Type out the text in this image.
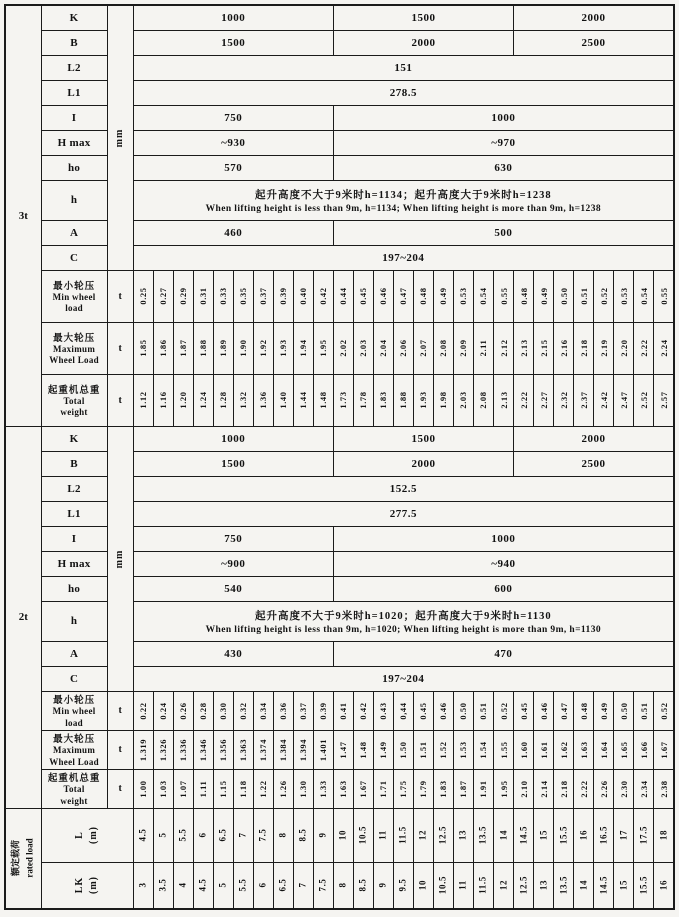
3t	K	mm	1000										1500									2000							
	B		1500										2000									2500							
	L2		151																										
	L1		278.5																										
	I		750										1000																
	H max		~930										~970																
	ho		570										630																
	h		起升高度不大于9米时h=1134；起升高度大于9米时h=1238
When lifting height is less than 9m, h=1134; When lifting height is more than 9m, h=1238																										

	A		460										500																
	C		197~204																										

	最小轮压
Min wheel
load	t	0.25	0.27	0.29	0.31	0.33	0.35	0.37	0.39	0.40	0.42	0.44	0.45	0.46	0.47	0.48	0.49	0.53	0.54	0.55	0.48	0.49	0.50	0.51	0.52	0.53	0.54	0.55

	最大轮压
Maximum
Wheel Load	t	1.85	1.86	1.87	1.88	1.89	1.90	1.92	1.93	1.94	1.95	2.02	2.03	2.04	2.06	2.07	2.08	2.09	2.11	2.12	2.13	2.15	2.16	2.18	2.19	2.20	2.22	2.24

	起重机总重
Total
weight	t	1.12	1.16	1.20	1.24	1.28	1.32	1.36	1.40	1.44	1.48	1.73	1.78	1.83	1.88	1.93	1.98	2.03	2.08	2.13	2.22	2.27	2.32	2.37	2.42	2.47	2.52	2.57

2t	K	mm	1000										1500									2000							
	B		1500										2000									2500							
	L2		152.5																										
	L1		277.5																										
	I		750										1000																
	H max		~900										~940																
	ho		540										600																
	h		起升高度不大于9米时h=1020；起升高度大于9米时h=1130
When lifting height is less than 9m, h=1020; When lifting height is more than 9m, h=1130																										

	A		430										470																
	C		197~204																										

	最小轮压
Min wheel
load	t	0.22	0.24	0.26	0.28	0.30	0.32	0.34	0.36	0.37	0.39	0.41	0.42	0.43	0,44	0.45	0.46	0.50	0.51	0.52	0.45	0.46	0.47	0.48	0.49	0.50	0.51	0.52

	最大轮压
Maximum
Wheel Load	t	1.319	1.326	1.336	1.346	1.356	1.363	1.374	1.384	1.394	1.401	1.47	1.48	1.49	1.50	1.51	1.52	1.53	1.54	1.55	1.60	1.61	1.62	1.63	1.64	1.65	1.66	1.67

	起重机总重
Total
weight	t	1.00	1.03	1.07	1.11	1.15	1.18	1.22	1.26	1.30	1.33	1.63	1.67	1.71	1.75	1.79	1.83	1.87	1.91	1.95	2.10	2.14	2.18	2.22	2.26	2.30	2.34	2.38

额定载荷 rated load

L (m)	4.5	5	5.5	6	6.5	7	7.5	8	8.5	9	10	10.5	11	11.5	12	12.5	13	13.5	14	14.5	15	15.5	16	16.5	17	17.5	18

	LK (m)		3	3.5	4	4.5	5	5.5	6	6.5	7	7.5	8	8.5	9	9.5	10	10.5	11	11.5	12	12.5	13	13.5	14	14.5	15	15.5	16
